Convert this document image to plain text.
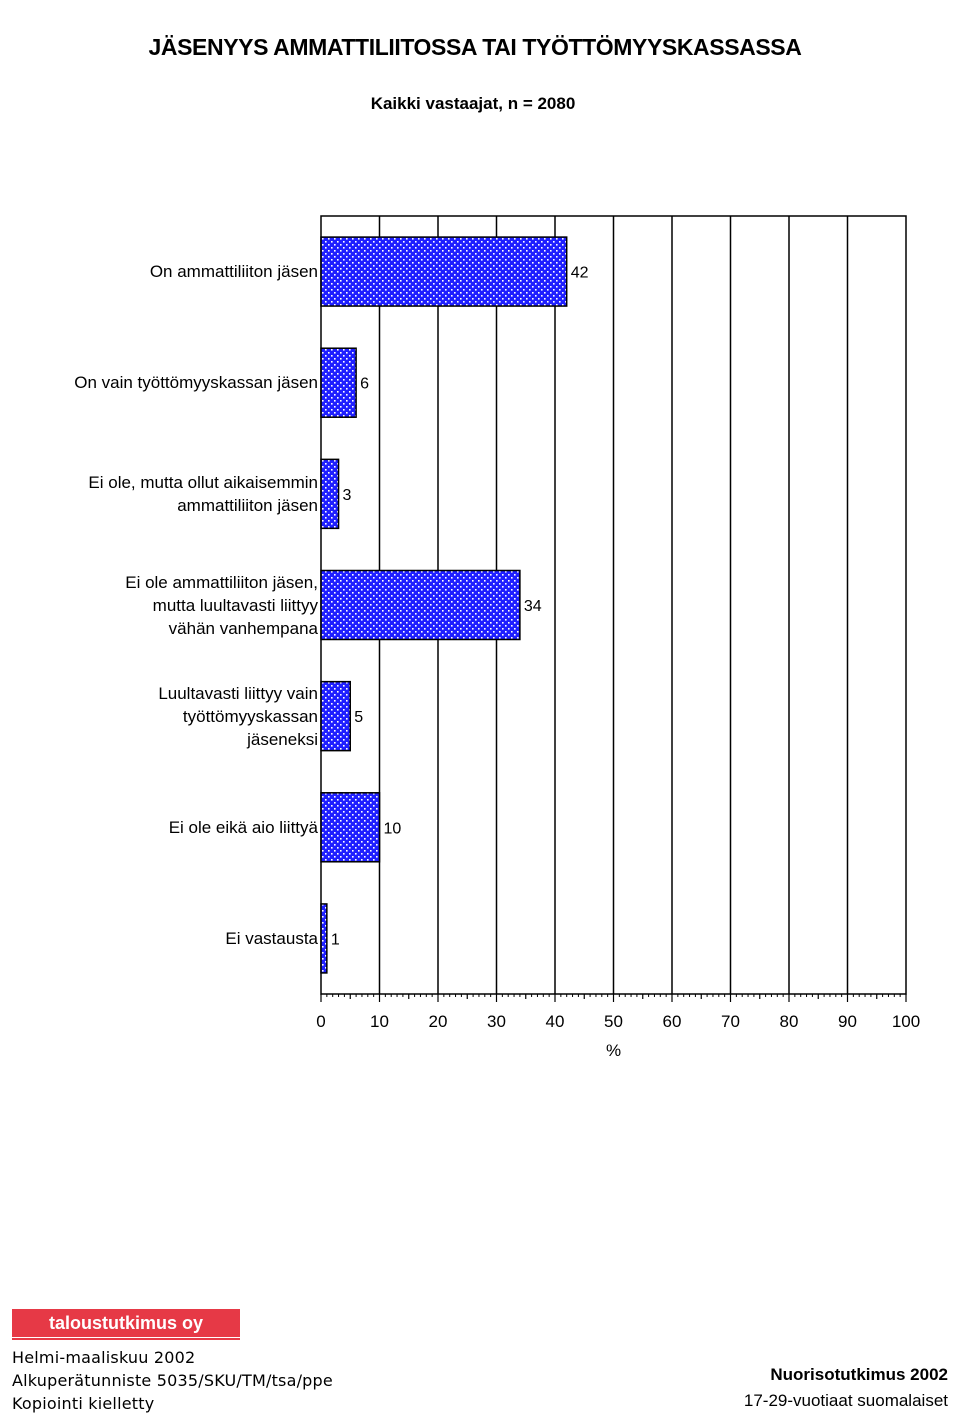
JÄSENYYS AMMATTILIITOSSA TAI TYÖTTÖMYYSKASSASSA
Kaikki vastaajat, n = 2080
42
6
3
34
5
10
1
0	10 20 30 40 50 60 70 80 90 100
%
On ammattiliiton jäsen
On vain työttömyyskassan jäsen
Ei ole, mutta ollut aikaisemmin
ammattiliiton jäsen
Ei ole ammattiliiton jäsen,
mutta luultavasti liittyy
vähän vanhempana
Luultavasti liittyy vain
työttömyyskassan
jäseneksi
Ei ole eikä aio liittyä
Ei vastausta
taloustutkimus oy
Helmi-maaliskuu 2002
Alkuperätunniste 5035/SKU/TM/tsa/ppe
Kopiointi kielletty
Nuorisotutkimus 2002
17-29-vuotiaat suomalaiset
